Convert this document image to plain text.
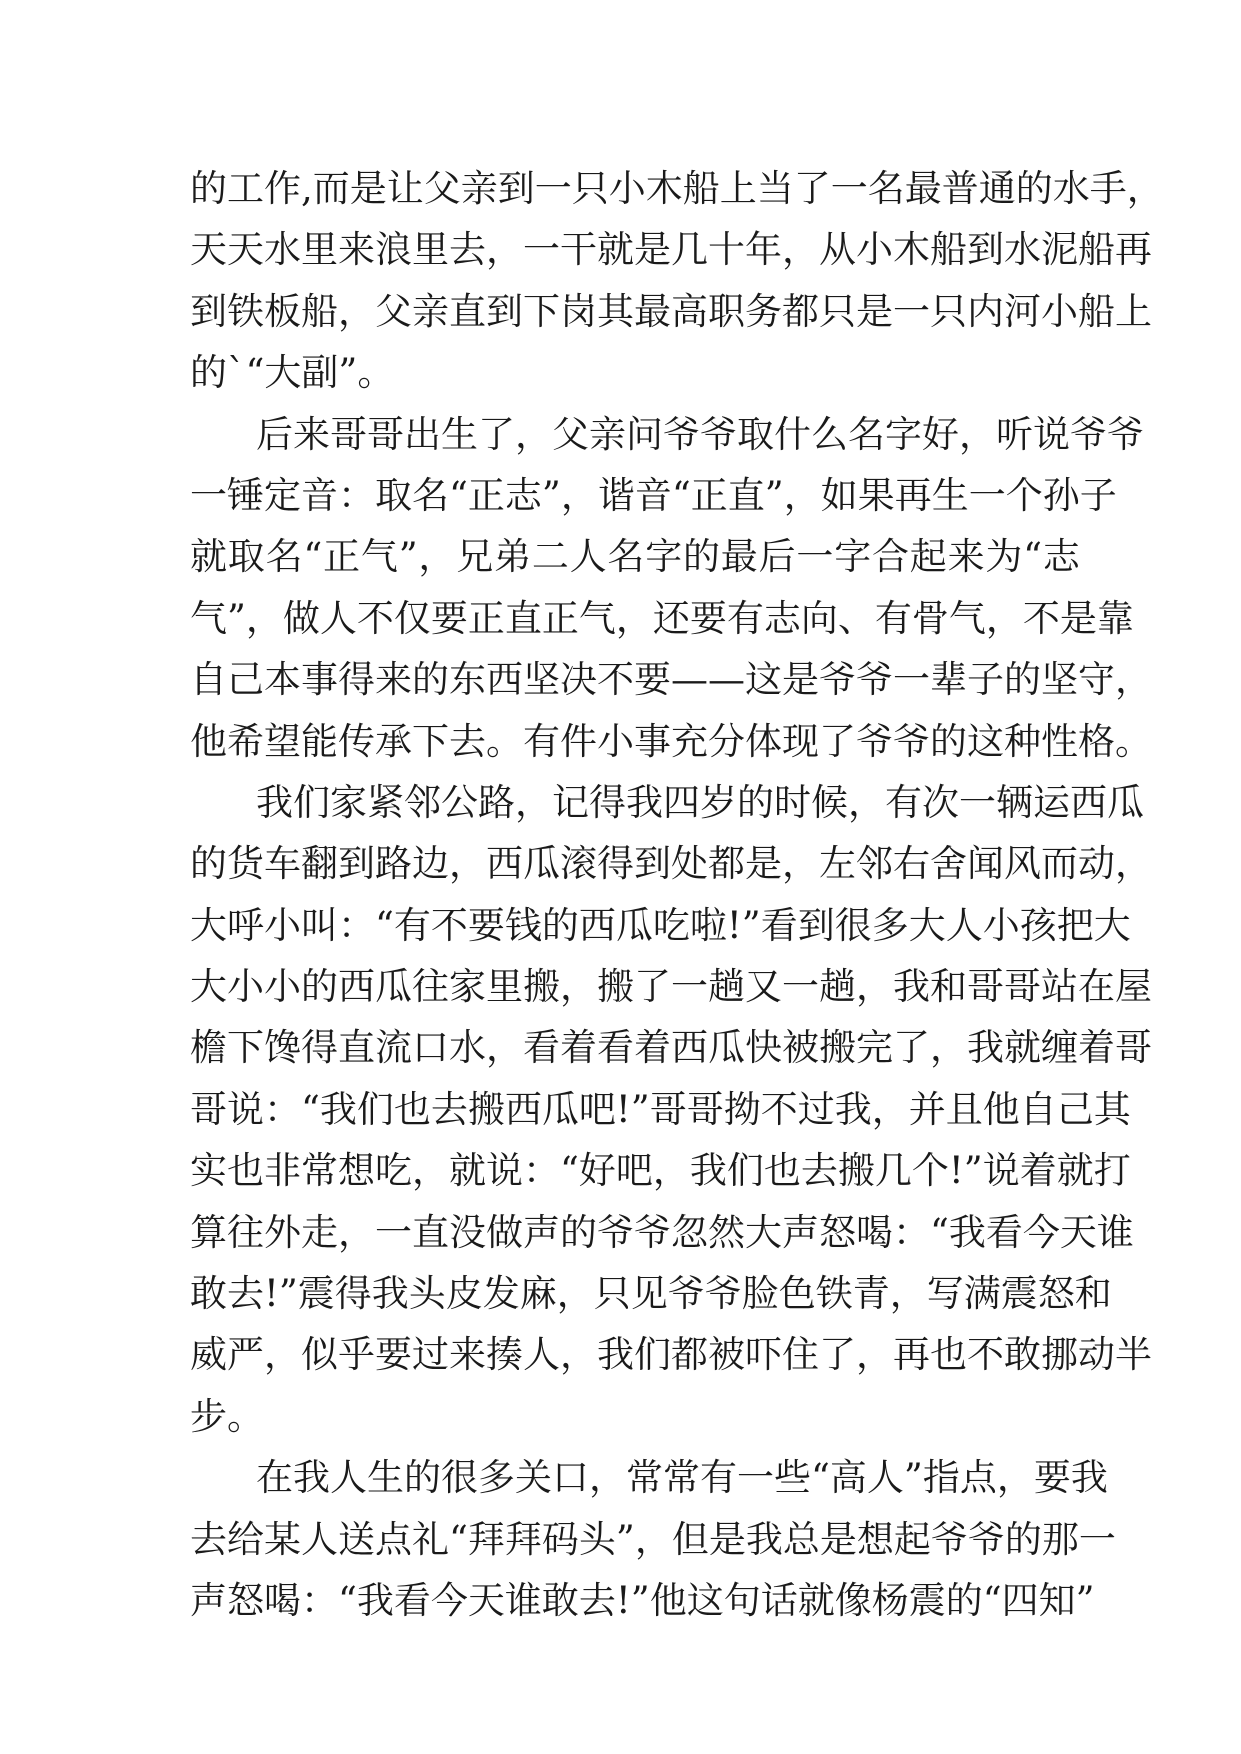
的 工 作 , 而 是 让 父 亲 到 一 只 小 木 船 上 当 了 一 名 最 普 通 的 水 手 ，
天 天 水 里 来 浪 里 去 ， 一 干 就 是 几 十 年 ， 从 小 木 船 到 水 泥 船 再
到 铁 板 船 ， 父 亲 直 到 下 岗 其 最 高 职 务 都 只 是 一 只 内 河 小 船 上
的 ` “ 大 副 ” 。
后 来 哥 哥 出 生 了 ， 父 亲 问 爷 爷 取 什 么 名 字 好 ， 听 说 爷 爷
一 锤 定 音 ： 取 名 “ 正 志 ” ， 谐 音 “ 正 直 ” ， 如 果 再 生 一 个 孙 子
就 取 名 “ 正 气 ” ， 兄 弟 二 人 名 字 的 最 后 一 字 合 起 来 为 “ 志
气 ” ， 做 人 不 仅 要 正 直 正 气 ， 还 要 有 志 向 、 有 骨 气 ， 不 是 靠
自 己 本 事 得 来 的 东 西 坚 决 不 要 — — 这 是 爷 爷 一 辈 子 的 坚 守 ，
他 希 望 能 传 承 下 去 。 有 件 小 事 充 分 体 现 了 爷 爷 的 这 种 性 格 。
我 们 家 紧 邻 公 路 ， 记 得 我 四 岁 的 时 候 ， 有 次 一 辆 运 西 瓜
的 货 车 翻 到 路 边 ， 西 瓜 滚 得 到 处 都 是 ， 左 邻 右 舍 闻 风 而 动 ，
大 呼 小 叫 ： “ 有 不 要 钱 的 西 瓜 吃 啦 ! ” 看 到 很 多 大 人 小 孩 把 大
大 小 小 的 西 瓜 往 家 里 搬 ， 搬 了 一 趟 又 一 趟 ， 我 和 哥 哥 站 在 屋
檐 下 馋 得 直 流 口 水 ， 看 着 看 着 西 瓜 快 被 搬 完 了 ， 我 就 缠 着 哥
哥 说 ： “ 我 们 也 去 搬 西 瓜 吧 ! ” 哥 哥 拗 不 过 我 ， 并 且 他 自 己 其
实 也 非 常 想 吃 ， 就 说 ： “ 好 吧 ， 我 们 也 去 搬 几 个 ! ” 说 着 就 打
算 往 外 走 ， 一 直 没 做 声 的 爷 爷 忽 然 大 声 怒 喝 ： “ 我 看 今 天 谁
敢 去 ! ” 震 得 我 头 皮 发 麻 ， 只 见 爷 爷 脸 色 铁 青 ， 写 满 震 怒 和
威 严 ， 似 乎 要 过 来 揍 人 ， 我 们 都 被 吓 住 了 ， 再 也 不 敢 挪 动 半
步 。
在 我 人 生 的 很 多 关 口 ， 常 常 有 一 些 “ 高 人 ” 指 点 ， 要 我
去 给 某 人 送 点 礼 “ 拜 拜 码 头 ” ， 但 是 我 总 是 想 起 爷 爷 的 那 一
声 怒 喝 ： “ 我 看 今 天 谁 敢 去 ! ” 他 这 句 话 就 像 杨 震 的 “ 四 知 ”
